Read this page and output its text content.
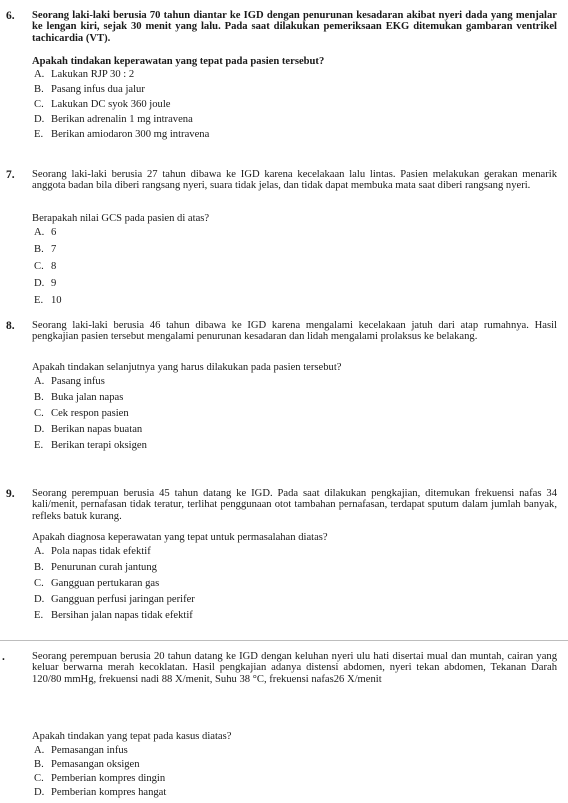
6. Seorang laki-laki berusia 70 tahun diantar ke IGD dengan penurunan kesadaran akibat nyeri dada yang menjalar ke lengan kiri, sejak 30 menit yang lalu. Pada saat dilakukan pemeriksaan EKG ditemukan gambaran ventrikel tachicardia (VT).
Apakah tindakan keperawatan yang tepat pada pasien tersebut?
A. Lakukan RJP 30 : 2
B. Pasang infus dua jalur
C. Lakukan DC syok 360 joule
D. Berikan adrenalin 1 mg intravena
E. Berikan amiodaron 300 mg intravena
7. Seorang laki-laki berusia 27 tahun dibawa ke IGD karena kecelakaan lalu lintas. Pasien melakukan gerakan menarik anggota badan bila diberi rangsang nyeri, suara tidak jelas, dan tidak dapat membuka mata saat diberi rangsang nyeri.
Berapakah nilai GCS pada pasien di atas?
A. 6
B. 7
C. 8
D. 9
E. 10
8. Seorang laki-laki berusia 46 tahun dibawa ke IGD karena mengalami kecelakaan jatuh dari atap rumahnya. Hasil pengkajian pasien tersebut mengalami penurunan kesadaran dan lidah mengalami prolaksus ke belakang.
Apakah tindakan selanjutnya yang harus dilakukan pada pasien tersebut?
A. Pasang infus
B. Buka jalan napas
C. Cek respon pasien
D. Berikan napas buatan
E. Berikan terapi oksigen
9. Seorang perempuan berusia 45 tahun datang ke IGD. Pada saat dilakukan pengkajian, ditemukan frekuensi nafas 34 kali/menit, pernafasan tidak teratur, terlihat penggunaan otot tambahan pernafasan, terdapat sputum dalam jumlah banyak, refleks batuk kurang.
Apakah diagnosa keperawatan yang tepat untuk permasalahan diatas?
A. Pola napas tidak efektif
B. Penurunan curah jantung
C. Gangguan pertukaran gas
D. Gangguan perfusi jaringan perifer
E. Bersihan jalan napas tidak efektif
.	Seorang perempuan berusia 20 tahun datang ke IGD dengan keluhan nyeri ulu hati disertai mual dan muntah, cairan yang keluar berwarna merah kecoklatan. Hasil pengkajian adanya distensi abdomen, nyeri tekan abdomen, Tekanan Darah 120/80 mmHg, frekuensi nadi 88 X/menit, Suhu 38 °C, frekuensi nafas26 X/menit
Apakah tindakan yang tepat pada kasus diatas?
A. Pemasangan infus
B. Pemasangan oksigen
C. Pemberian kompres dingin
D. Pemberian kompres hangat
